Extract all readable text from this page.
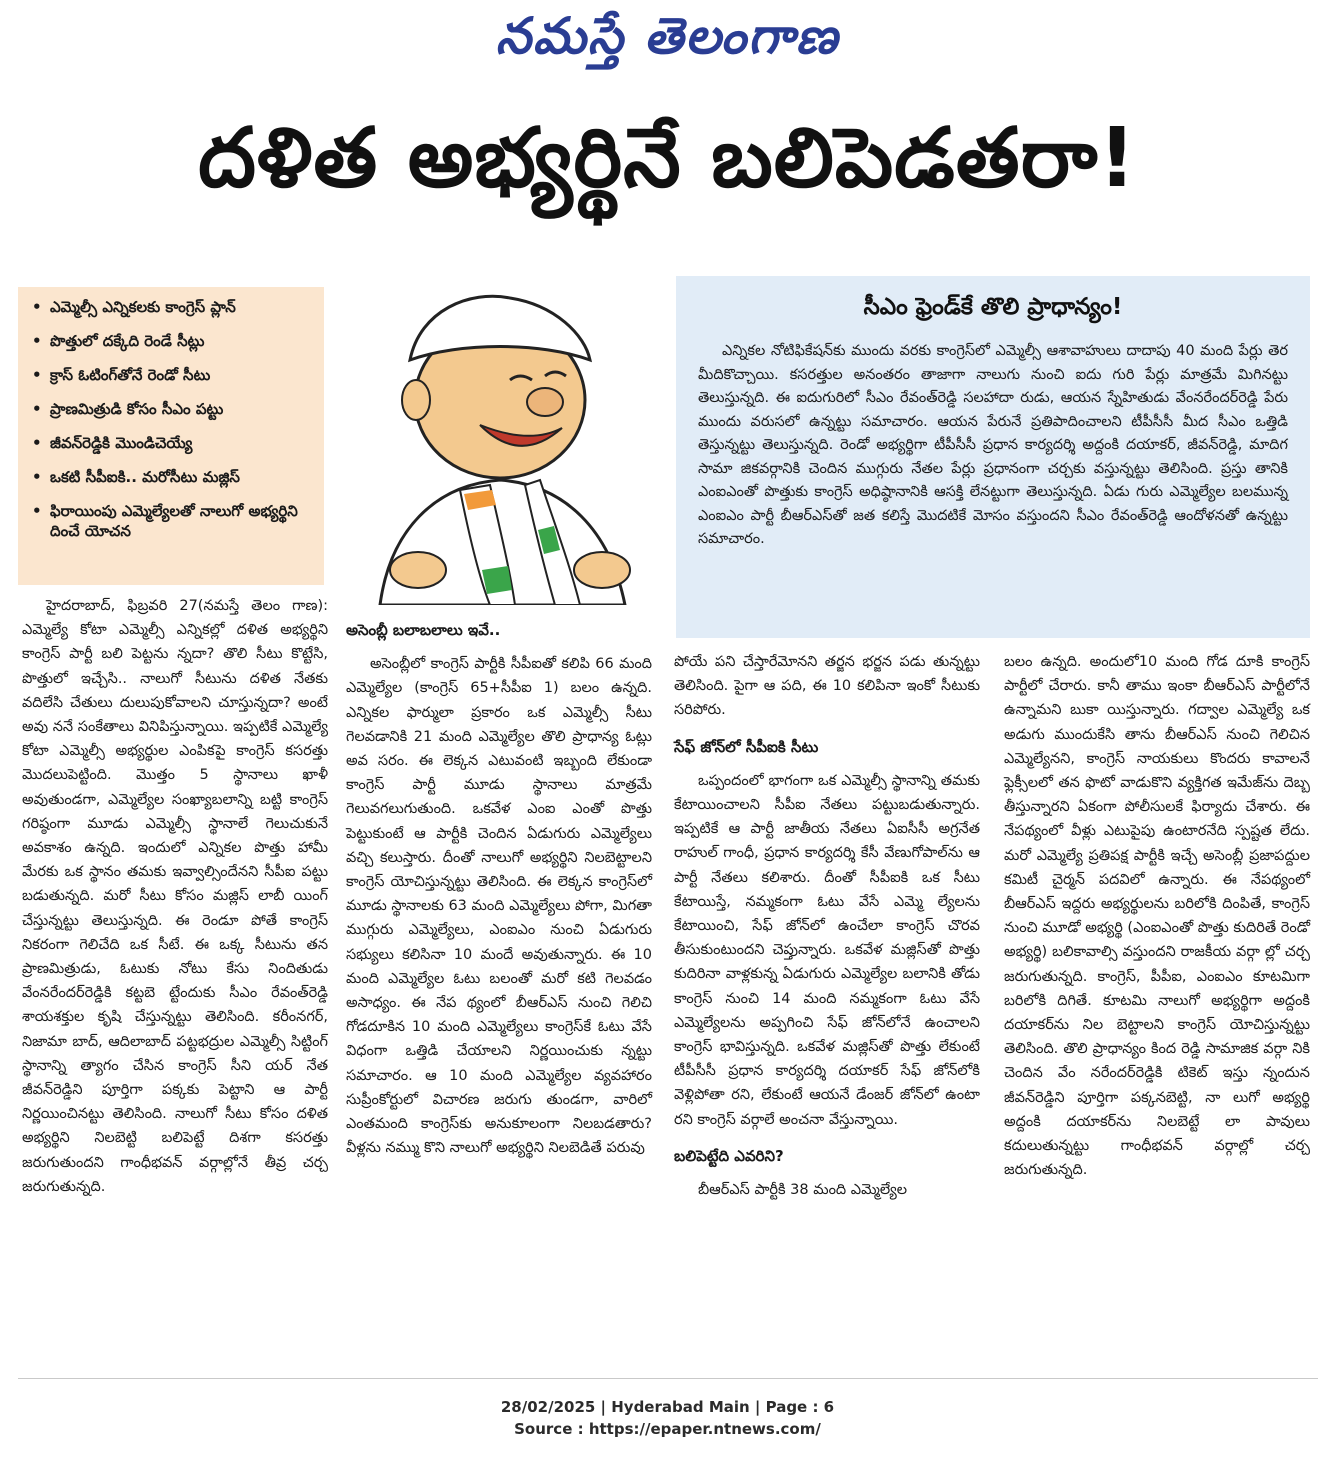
నమస్తే తెలంగాణ
దళిత అభ్యర్థినే బలిపెడతరా!
• ఎమ్మెల్సీ ఎన్నికలకు కాంగ్రెస్ ప్లాన్
• పొత్తులో దక్కేది రెండే సీట్లు
• క్రాస్ ఓటింగ్‌తోనే రెండో సీటు
• ప్రాణమిత్రుడి కోసం సీఎం పట్టు
• జీవన్‌రెడ్డికి మొండిచెయ్యే
• ఒకటి సీపీఐకి.. మరోసీటు మజ్లిస్
• ఫిరాయింపు ఎమ్మెల్యేలతో నాలుగో అభ్యర్థిని దించే యోచన
సీఎం ఫ్రెండ్‌కే తొలి ప్రాధాన్యం!

ఎన్నికల నోటిఫికేషన్‌కు ముందు వరకు కాంగ్రెస్‌లో ఎమ్మెల్సీ ఆశావాహులు దాదాపు 40 మంది పేర్లు తెర మీదికొచ్చాయి. కసరత్తుల అనంతరం తాజాగా నాలుగు నుంచి ఐదు గురి పేర్లు మాత్రమే మిగినట్టు తెలుస్తున్నది. ఈ ఐదుగురిలో సీఎం రేవంత్‌రెడ్డి సలహాదా రుడు, ఆయన స్నేహితుడు వేంనరేందర్‌రెడ్డి పేరు ముందు వరుసలో ఉన్నట్టు సమాచారం. ఆయన పేరునే ప్రతిపాదించాలని టీపీసీసీ మీద సీఎం ఒత్తిడి తెస్తున్నట్టు తెలుస్తున్నది. రెండో అభ్యర్థిగా టీపీసీసీ ప్రధాన కార్యదర్శి అద్దంకి దయాకర్, జీవన్‌రెడ్డి, మాదిగ సామా జికవర్గానికి చెందిన ముగ్గురు నేతల పేర్లు ప్రధానంగా చర్చకు వస్తున్నట్టు తెలిసింది. ప్రస్తు తానికి ఎంఐఎంతో పొత్తుకు కాంగ్రెస్ అధిష్ఠానానికి ఆసక్తి లేనట్టుగా తెలుస్తున్నది. ఏడు గురు ఎమ్మెల్యేల బలమున్న ఎంఐఎం పార్టీ బీఆర్ఎస్‌తో జత కలిస్తే మొదటికే మోసం వస్తుందని సీఎం రేవంత్‌రెడ్డి ఆందోళనతో ఉన్నట్టు సమాచారం.

హైదరాబాద్, ఫిబ్రవరి 27(నమస్తే తెలం గాణ): ఎమ్మెల్యే కోటా ఎమ్మెల్సీ ఎన్నికల్లో దళిత అభ్యర్థిని కాంగ్రెస్ పార్టీ బలి పెట్టను న్నదా? తొలి సీటు కొట్టేసి, పొత్తులో ఇచ్చేసి.. నాలుగో సీటును దళిత నేతకు వదిలేసి చేతులు దులుపుకోవాలని చూస్తున్నదా? అంటే అవు ననే సంకేతాలు వినిపిస్తున్నాయి. ఇప్పటికే ఎమ్మెల్యే కోటా ఎమ్మెల్సీ అభ్యర్థుల ఎంపికపై కాంగ్రెస్ కసరత్తు మొదలుపెట్టింది. మొత్తం 5 స్థానాలు ఖాళీ అవుతుండగా, ఎమ్మెల్యేల సంఖ్యాబలాన్ని బట్టి కాంగ్రెస్ గరిష్ఠంగా మూడు ఎమ్మెల్సీ స్థానాలే గెలుచుకునే అవకాశం ఉన్నది. ఇందులో ఎన్నికల పొత్తు హామీ మేరకు ఒక స్థానం తమకు ఇవ్వాల్సిందేనని సీపీఐ పట్టు బడుతున్నది. మరో సీటు కోసం మజ్లిస్ లాబీ యింగ్ చేస్తున్నట్టు తెలుస్తున్నది. ఈ రెండూ పోతే కాంగ్రెస్ నికరంగా గెలిచేది ఒక సీటే. ఈ ఒక్క సీటును తన ప్రాణమిత్రుడు, ఓటుకు నోటు కేసు నిందితుడు వేంనరేందర్‌రెడ్డికి కట్టబె ట్టేందుకు సీఎం రేవంత్‌రెడ్డి శాయశక్తుల కృషి చేస్తున్నట్టు తెలిసింది. కరీంనగర్, నిజామా బాద్, ఆదిలాబాద్ పట్టభద్రుల ఎమ్మెల్సీ సిట్టింగ్ స్థానాన్ని త్యాగం చేసిన కాంగ్రెస్ సీని యర్ నేత జీవన్‌రెడ్డిని పూర్తిగా పక్కకు పెట్టాని ఆ పార్టీ నిర్ణయించినట్టు తెలిసింది. నాలుగో సీటు కోసం దళిత అభ్యర్థిని నిలబెట్టి బలిపెట్టే దిశగా కసరత్తు జరుగుతుందని గాంధీభవన్ వర్గాల్లోనే తీవ్ర చర్చ జరుగుతున్నది.

అసెంబ్లీ బలాబలాలు ఇవే..

అసెంబ్లీలో కాంగ్రెస్ పార్టీకి సీపీఐతో కలిపి 66 మంది ఎమ్మెల్యేల (కాంగ్రెస్ 65+సీపీఐ 1) బలం ఉన్నది. ఎన్నికల ఫార్ములా ప్రకారం ఒక ఎమ్మెల్సీ సీటు గెలవడానికి 21 మంది ఎమ్మెల్యేల తొలి ప్రాధాన్య ఓట్లు అవ సరం. ఈ లెక్కన ఎటువంటి ఇబ్బంది లేకుండా కాంగ్రెస్ పార్టీ మూడు స్థానాలు మాత్రమే గెలువగలుగుతుంది. ఒకవేళ ఎంఐ ఎంతో పొత్తు పెట్టుకుంటే ఆ పార్టీకి చెందిన ఏడుగురు ఎమ్మెల్యేలు వచ్చి కలుస్తారు. దీంతో నాలుగో అభ్యర్థిని నిలబెట్టాలని కాంగ్రెస్ యోచిస్తున్నట్టు తెలిసింది. ఈ లెక్కన కాంగ్రెస్‌లో మూడు స్థానాలకు 63 మంది ఎమ్మెల్యేలు పోగా, మిగతా ముగ్గురు ఎమ్మెల్యేలు, ఎంఐఎం నుంచి ఏడుగురు సభ్యులు కలిసినా 10 మందే అవుతున్నారు. ఈ 10 మంది ఎమ్మెల్యేల ఓటు బలంతో మరో కటి గెలవడం అసాధ్యం. ఈ నేప థ్యంలో బీఆర్ఎస్ నుంచి గెలిచి గోడదూకిన 10 మంది ఎమ్మెల్యేలు కాంగ్రెస్‌కే ఓటు వేసే విధంగా ఒత్తిడి చేయాలని నిర్ణయించుకు న్నట్టు సమాచారం. ఆ 10 మంది ఎమ్మెల్యేల వ్యవహారం సుప్రీంకోర్టులో విచారణ జరుగు తుండగా, వారిలో ఎంతమంది కాంగ్రెస్‌కు అనుకూలంగా నిలబడతారు? వీళ్లను నమ్ము కొని నాలుగో అభ్యర్థిని నిలబెడితే పరువు

పోయే పని చేస్తారేమోనని తర్జన భర్జన పడు తున్నట్టు తెలిసింది. పైగా ఆ పది, ఈ 10 కలిపినా ఇంకో సీటుకు సరిపోరు.

సేఫ్ జోన్‌లో సీపీఐకి సీటు

ఒప్పందంలో భాగంగా ఒక ఎమ్మెల్సీ స్థానాన్ని తమకు కేటాయించాలని సీపీఐ నేతలు పట్టుబడుతున్నారు. ఇప్పటికే ఆ పార్టీ జాతీయ నేతలు ఏఐసీసీ అగ్రనేత రాహుల్ గాంధీ, ప్రధాన కార్యదర్శి కేసీ వేణుగోపాల్‌ను ఆ పార్టీ నేతలు కలిశారు. దీంతో సీపీఐకి ఒక సీటు కేటాయిస్తే, నమ్మకంగా ఓటు వేసే ఎమ్మె ల్యేలను కేటాయించి, సేఫ్ జోన్‌లో ఉంచేలా కాంగ్రెస్ చొరవ తీసుకుంటుందని చెప్తున్నారు. ఒకవేళ మజ్లిస్‌తో పొత్తు కుదిరినా వాళ్లకున్న ఏడుగురు ఎమ్మెల్యేల బలానికి తోడు కాంగ్రెస్ నుంచి 14 మంది నమ్మకంగా ఓటు వేసే ఎమ్మెల్యేలను అప్పగించి సేఫ్ జోన్‌లోనే ఉంచాలని కాంగ్రెస్ భావిస్తున్నది. ఒకవేళ మజ్లిస్‌తో పొత్తు లేకుంటే టీపీసీసీ ప్రధాన కార్యదర్శి దయాకర్ సేఫ్ జోన్‌లోకి వెళ్లిపోతా రని, లేకుంటే ఆయనే డేంజర్ జోన్‌లో ఉంటా రని కాంగ్రెస్ వర్గాలే అంచనా వేస్తున్నాయి.

బలిపెట్టేది ఎవరిని?

బీఆర్ఎస్ పార్టీకి 38 మంది ఎమ్మెల్యేల

బలం ఉన్నది. అందులో10 మంది గోడ దూకి కాంగ్రెస్ పార్టీలో చేరారు. కానీ తాము ఇంకా బీఆర్ఎస్ పార్టీలోనే ఉన్నామని బుకా యిస్తున్నారు. గద్వాల ఎమ్మెల్యే ఒక అడుగు ముందుకేసి తాను బీఆర్ఎస్ నుంచి గెలిచిన ఎమ్మెల్యేనని, కాంగ్రెస్ నాయకులు కొందరు కావాలనే ఫ్లెక్సీలలో తన ఫొటో వాడుకొని వ్యక్తిగత ఇమేజ్‌ను దెబ్బ తీస్తున్నారని ఏకంగా పోలీసులకే ఫిర్యాదు చేశారు. ఈ నేపథ్యంలో వీళ్లు ఎటుపైపు ఉంటారనేది స్పష్టత లేదు. మరో ఎమ్మెల్యే ప్రతిపక్ష పార్టీకి ఇచ్చే అసెంబ్లీ ప్రజాపద్దుల కమిటీ చైర్మన్ పదవిలో ఉన్నారు. ఈ నేపథ్యంలో బీఆర్ఎస్ ఇద్దరు అభ్యర్థులను బరిలోకి దింపితే, కాంగ్రెస్ నుంచి మూడో అభ్యర్థి (ఎంఐఎంతో పొత్తు కుదిరితే రెండో అభ్యర్థి) బలికావాల్సి వస్తుందని రాజకీయ వర్గా ల్లో చర్చ జరుగుతున్నది. కాంగ్రెస్, పీపీఐ, ఎంఐఎం కూటమిగా బరిలోకి దిగితే. కూటమి నాలుగో అభ్యర్థిగా అద్దంకి దయాకర్‌ను నిల బెట్టాలని కాంగ్రెస్ యోచిస్తున్నట్టు తెలిసింది. తొలి ప్రాధాన్యం కింద రెడ్డి సామాజిక వర్గా నికి చెందిన వేం నరేందర్‌రెడ్డికి టికెట్ ఇస్తు న్నందున జీవన్‌రెడ్డిని పూర్తిగా పక్కనబెట్టి, నా లుగో అభ్యర్థి అద్దంకి దయాకర్‌ను నిలబెట్టే లా పావులు కదులుతున్నట్టు గాంధీభవన్ వర్గాల్లో చర్చ జరుగుతున్నది.

28/02/2025 | Hyderabad Main | Page : 6
Source : https://epaper.ntnews.com/
